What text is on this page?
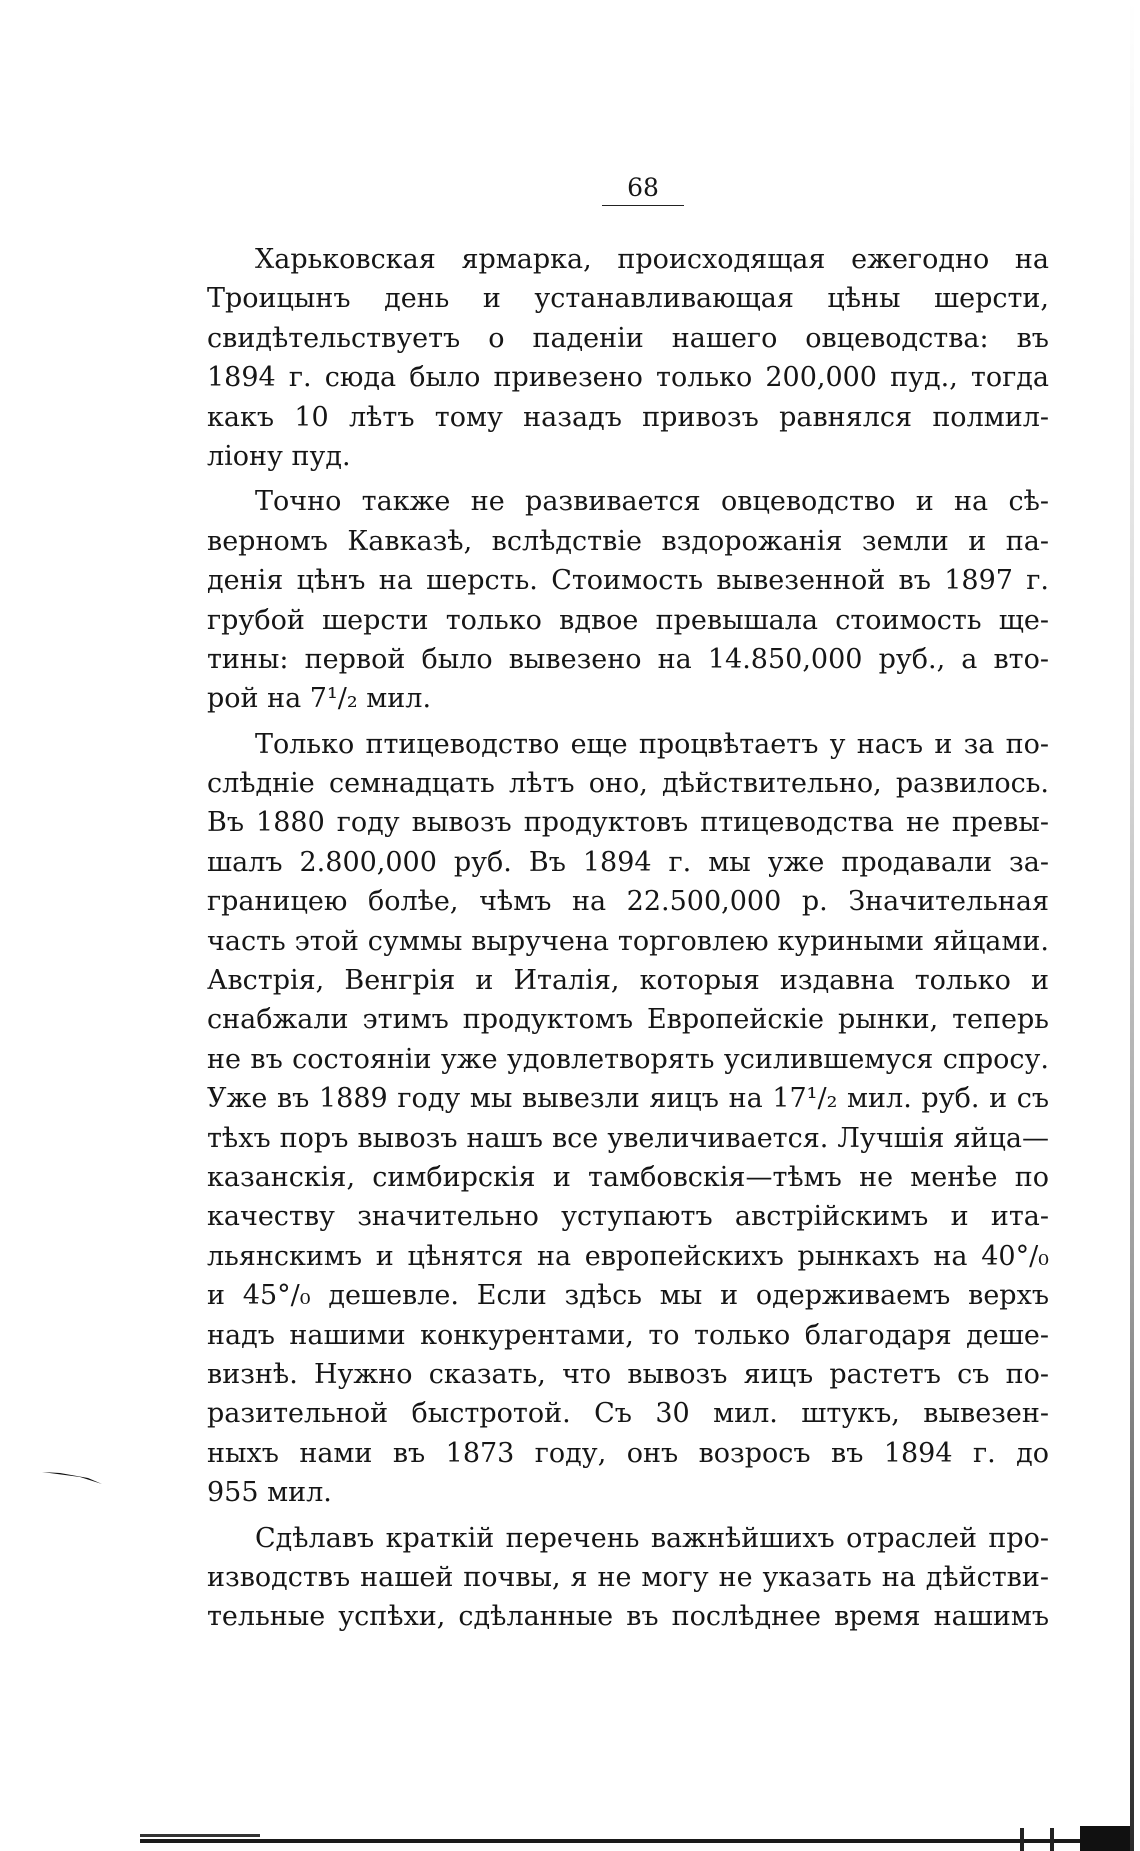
68
Харьковская ярмарка, происходящая ежегодно на
Троицынъ день и устанавливающая цѣны шерсти,
свидѣтельствуетъ о паденіи нашего овцеводства: въ
1894 г. сюда было привезено только 200,000 пуд., тогда
какъ 10 лѣтъ тому назадъ привозъ равнялся полмил-
ліону пуд.
Точно также не развивается овцеводство и на сѣ-
верномъ Кавказѣ, вслѣдствіе вздорожанія земли и па-
денія цѣнъ на шерсть. Стоимость вывезенной въ 1897 г.
грубой шерсти только вдвое превышала стоимость ще-
тины: первой было вывезено на 14.850,000 руб., а вто-
рой на 7¹/₂ мил.
Только птицеводство еще процвѣтаетъ у насъ и за по-
слѣдніе семнадцать лѣтъ оно, дѣйствительно, развилось.
Въ 1880 году вывозъ продуктовъ птицеводства не превы-
шалъ 2.800,000 руб. Въ 1894 г. мы уже продавали за-
границею болѣе, чѣмъ на 22.500,000 р. Значительная
часть этой суммы выручена торговлею куриными яйцами.
Австрія, Венгрія и Италія, которыя издавна только и
снабжали этимъ продуктомъ Европейскіе рынки, теперь
не въ состояніи уже удовлетворять усилившемуся спросу.
Уже въ 1889 году мы вывезли яицъ на 17¹/₂ мил. руб. и съ
тѣхъ поръ вывозъ нашъ все увеличивается. Лучшія яйца—
казанскія, симбирскія и тамбовскія—тѣмъ не менѣе по
качеству значительно уступаютъ австрійскимъ и ита-
льянскимъ и цѣнятся на европейскихъ рынкахъ на 40°/₀
и 45°/₀ дешевле. Если здѣсь мы и одерживаемъ верхъ
надъ нашими конкурентами, то только благодаря деше-
визнѣ. Нужно сказать, что вывозъ яицъ растетъ съ по-
разительной быстротой. Съ 30 мил. штукъ, вывезен-
ныхъ нами въ 1873 году, онъ возросъ въ 1894 г. до
955 мил.
Сдѣлавъ краткій перечень важнѣйшихъ отраслей про-
изводствъ нашей почвы, я не могу не указать на дѣйстви-
тельные успѣхи, сдѣланные въ послѣднее время нашимъ
